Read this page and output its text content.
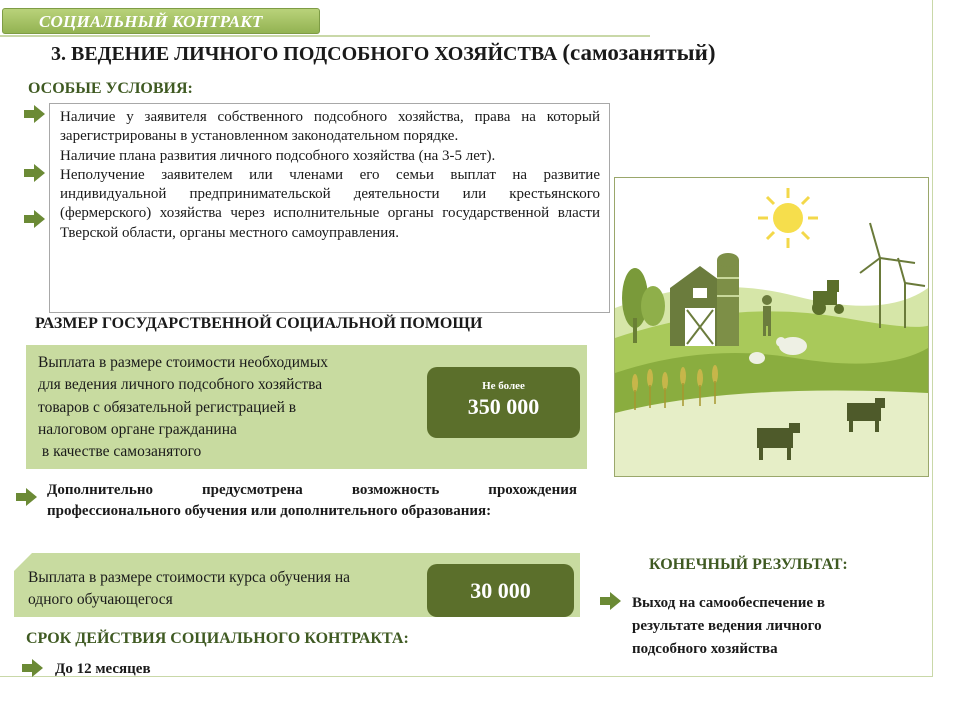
СОЦИАЛЬНЫЙ КОНТРАКТ
3. ВЕДЕНИЕ ЛИЧНОГО ПОДСОБНОГО ХОЗЯЙСТВА (самозанятый)
ОСОБЫЕ УСЛОВИЯ:

Наличие у заявителя собственного подсобного хозяйства, права на который зарегистрированы в установленном законодательном порядке.

Наличие плана развития личного подсобного хозяйства (на 3-5 лет).

Неполучение заявителем или членами его семьи выплат на развитие индивидуальной предпринимательской деятельности или крестьянского (фермерского) хозяйства через исполнительные органы государственной власти Тверской области, органы местного самоуправления.

РАЗМЕР ГОСУДАРСТВЕННОЙ СОЦИАЛЬНОЙ ПОМОЩИ
Выплата в размере стоимости необходимых
для ведения личного подсобного хозяйства
товаров с обязательной регистрацией в
налоговом органе гражданина
в качестве самозанятого
Не более
350 000
Дополнительно предусмотрена возможность прохождения профессионального обучения или дополнительного образования:
Выплата в размере стоимости курса обучения на одного обучающегося	30 000
СРОК ДЕЙСТВИЯ СОЦИАЛЬНОГО КОНТРАКТА:
До 12 месяцев
КОНЕЧНЫЙ РЕЗУЛЬТАТ:
Выход на самообеспечение в результате ведения личного подсобного хозяйства
